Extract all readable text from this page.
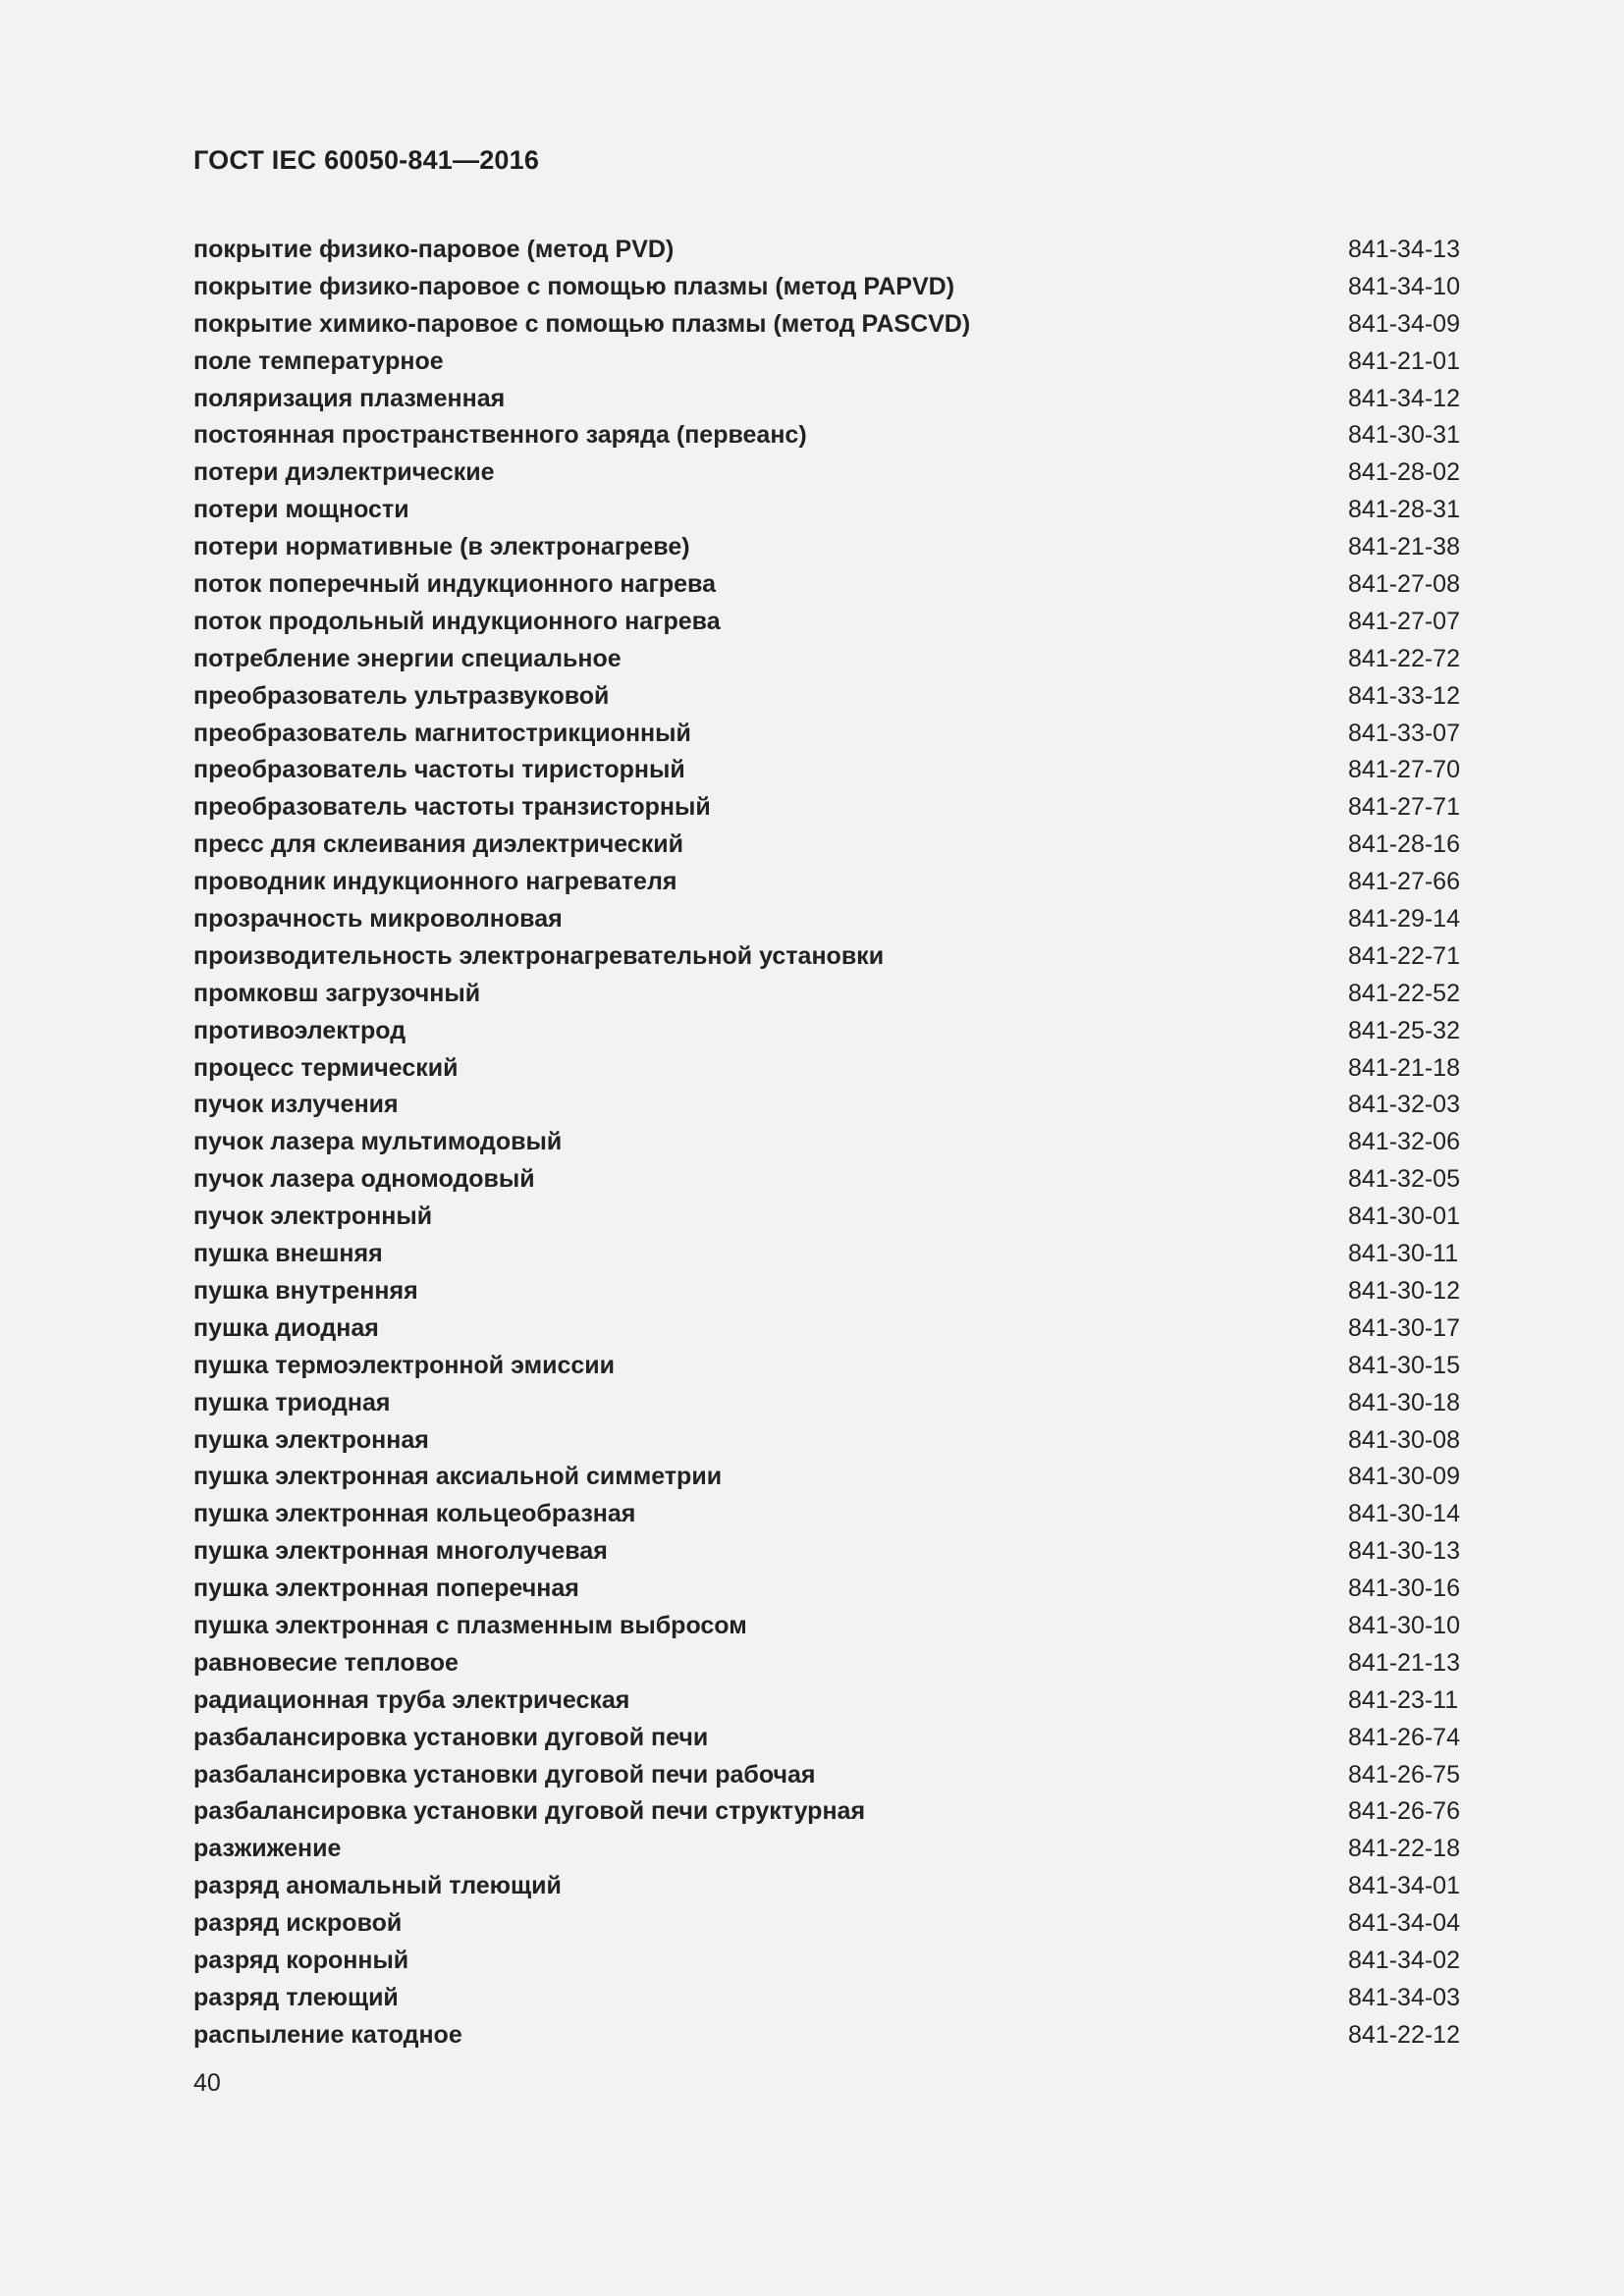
ГОСТ IEC 60050-841—2016
покрытие физико-паровое (метод PVD)	841-34-13
покрытие физико-паровое с помощью плазмы (метод PAPVD)	841-34-10
покрытие химико-паровое с помощью плазмы (метод PASCVD)	841-34-09
поле температурное	841-21-01
поляризация плазменная	841-34-12
постоянная пространственного заряда (первеанс)	841-30-31
потери диэлектрические	841-28-02
потери мощности	841-28-31
потери нормативные (в электронагреве)	841-21-38
поток поперечный индукционного нагрева	841-27-08
поток продольный индукционного нагрева	841-27-07
потребление энергии специальное	841-22-72
преобразователь ультразвуковой	841-33-12
преобразователь магнитострикционный	841-33-07
преобразователь частоты тиристорный	841-27-70
преобразователь частоты транзисторный	841-27-71
пресс для склеивания диэлектрический	841-28-16
проводник индукционного нагревателя	841-27-66
прозрачность микроволновая	841-29-14
производительность электронагревательной установки	841-22-71
промковш загрузочный	841-22-52
противоэлектрод	841-25-32
процесс термический	841-21-18
пучок излучения	841-32-03
пучок лазера мультимодовый	841-32-06
пучок лазера одномодовый	841-32-05
пучок электронный	841-30-01
пушка внешняя	841-30-11
пушка внутренняя	841-30-12
пушка диодная	841-30-17
пушка термоэлектронной эмиссии	841-30-15
пушка триодная	841-30-18
пушка электронная	841-30-08
пушка электронная аксиальной симметрии	841-30-09
пушка электронная кольцеобразная	841-30-14
пушка электронная многолучевая	841-30-13
пушка электронная поперечная	841-30-16
пушка электронная с плазменным выбросом	841-30-10
равновесие тепловое	841-21-13
радиационная труба электрическая	841-23-11
разбалансировка установки дуговой печи	841-26-74
разбалансировка установки дуговой печи рабочая	841-26-75
разбалансировка установки дуговой печи структурная	841-26-76
разжижение	841-22-18
разряд аномальный тлеющий	841-34-01
разряд искровой	841-34-04
разряд коронный	841-34-02
разряд тлеющий	841-34-03
распыление катодное	841-22-12
40
